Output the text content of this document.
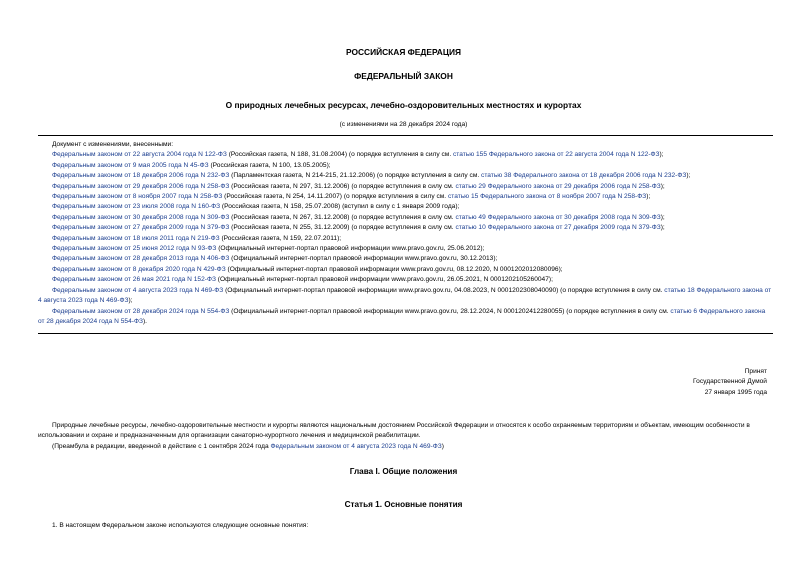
РОССИЙСКАЯ ФЕДЕРАЦИЯ
ФЕДЕРАЛЬНЫЙ ЗАКОН
О природных лечебных ресурсах, лечебно-оздоровительных местностях и курортах
(с изменениями на 28 декабря 2024 года)
Документ с изменениями, внесенными:
Федеральным законом от 22 августа 2004 года N 122-ФЗ (Российская газета, N 188, 31.08.2004) (о порядке вступления в силу см. статью 155 Федерального закона от 22 августа 2004 года N 122-ФЗ);
Федеральным законом от 9 мая 2005 года N 45-ФЗ (Российская газета, N 100, 13.05.2005);
Федеральным законом от 18 декабря 2006 года N 232-ФЗ (Парламентская газета, N 214-215, 21.12.2006) (о порядке вступления в силу см. статью 38 Федерального закона от 18 декабря 2006 года N 232-ФЗ);
Федеральным законом от 29 декабря 2006 года N 258-ФЗ (Российская газета, N 297, 31.12.2006) (о порядке вступления в силу см. статью 29 Федерального закона от 29 декабря 2006 года N 258-ФЗ);
Федеральным законом от 8 ноября 2007 года N 258-ФЗ (Российская газета, N 254, 14.11.2007) (о порядке вступления в силу см. статью 15 Федерального закона от 8 ноября 2007 года N 258-ФЗ);
Федеральным законом от 23 июля 2008 года N 160-ФЗ (Российская газета, N 158, 25.07.2008) (вступил в силу с 1 января 2009 года);
Федеральным законом от 30 декабря 2008 года N 309-ФЗ (Российская газета, N 267, 31.12.2008) (о порядке вступления в силу см. статью 49 Федерального закона от 30 декабря 2008 года N 309-ФЗ);
Федеральным законом от 27 декабря 2009 года N 379-ФЗ (Российская газета, N 255, 31.12.2009) (о порядке вступления в силу см. статью 10 Федерального закона от 27 декабря 2009 года N 379-ФЗ);
Федеральным законом от 18 июля 2011 года N 219-ФЗ (Российская газета, N 159, 22.07.2011);
Федеральным законом от 25 июня 2012 года N 93-ФЗ (Официальный интернет-портал правовой информации www.pravo.gov.ru, 25.06.2012);
Федеральным законом от 28 декабря 2013 года N 406-ФЗ (Официальный интернет-портал правовой информации www.pravo.gov.ru, 30.12.2013);
Федеральным законом от 8 декабря 2020 года N 429-ФЗ (Официальный интернет-портал правовой информации www.pravo.gov.ru, 08.12.2020, N 0001202012080096);
Федеральным законом от 26 мая 2021 года N 152-ФЗ (Официальный интернет-портал правовой информации www.pravo.gov.ru, 26.05.2021, N 0001202105260047);
Федеральным законом от 4 августа 2023 года N 469-ФЗ (Официальный интернет-портал правовой информации www.pravo.gov.ru, 04.08.2023, N 0001202308040090) (о порядке вступления в силу см. статью 18 Федерального закона от 4 августа 2023 года N 469-ФЗ);
Федеральным законом от 28 декабря 2024 года N 554-ФЗ (Официальный интернет-портал правовой информации www.pravo.gov.ru, 28.12.2024, N 0001202412280055) (о порядке вступления в силу см. статью 6 Федерального закона от 28 декабря 2024 года N 554-ФЗ).
Принят
Государственной Думой
27 января 1995 года

Природные лечебные ресурсы, лечебно-оздоровительные местности и курорты являются национальным достоянием Российской Федерации и относятся к особо охраняемым территориям и объектам, имеющим особенности в использовании и охране и предназначенным для организации санаторно-курортного лечения и медицинской реабилитации.

(Преамбула в редакции, введенной в действие с 1 сентября 2024 года Федеральным законом от 4 августа 2023 года N 469-ФЗ)

Глава I. Общие положения
Статья 1. Основные понятия
1. В настоящем Федеральном законе используются следующие основные понятия:
